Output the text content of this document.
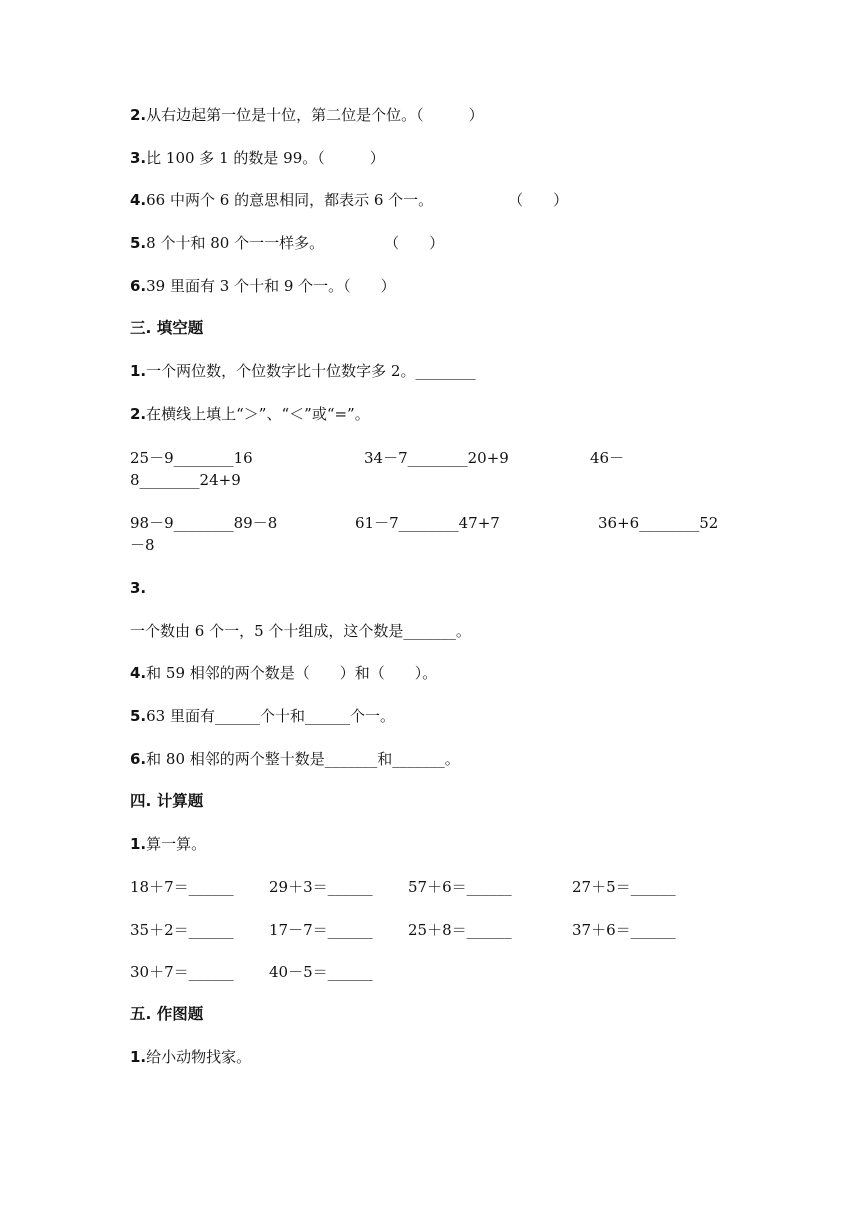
2.从右边起第一位是十位，第二位是个位。（　　　）
3.比 100 多 1 的数是 99。（　　　）
4.66 中两个 6 的意思相同，都表示 6 个一。　　　　　　（　　）
5.8 个十和 80 个一一样多。　　　　　（　　）
6.39 里面有 3 个十和 9 个一。（　　）
三. 填空题
1.一个两位数，个位数字比十位数字多 2。________
2.在横线上填上“＞”、“＜”或“=”。
25－9________16	34－7________20+9	46－
8________24+9
98－9________89－8	61－7________47+7	36+6________52
－8
3.
一个数由 6 个一，5 个十组成，这个数是_______。
4.和 59 相邻的两个数是（　　）和（　　）。
5.63 里面有______个十和______个一。
6.和 80 相邻的两个整十数是_______和_______。
四. 计算题
1.算一算。
18＋7＝______ 29＋3＝______ 57＋6＝______	27＋5＝______
35＋2＝______ 17－7＝______ 25＋8＝______	37＋6＝______
30＋7＝______ 40－5＝______
五. 作图题
1.给小动物找家。
